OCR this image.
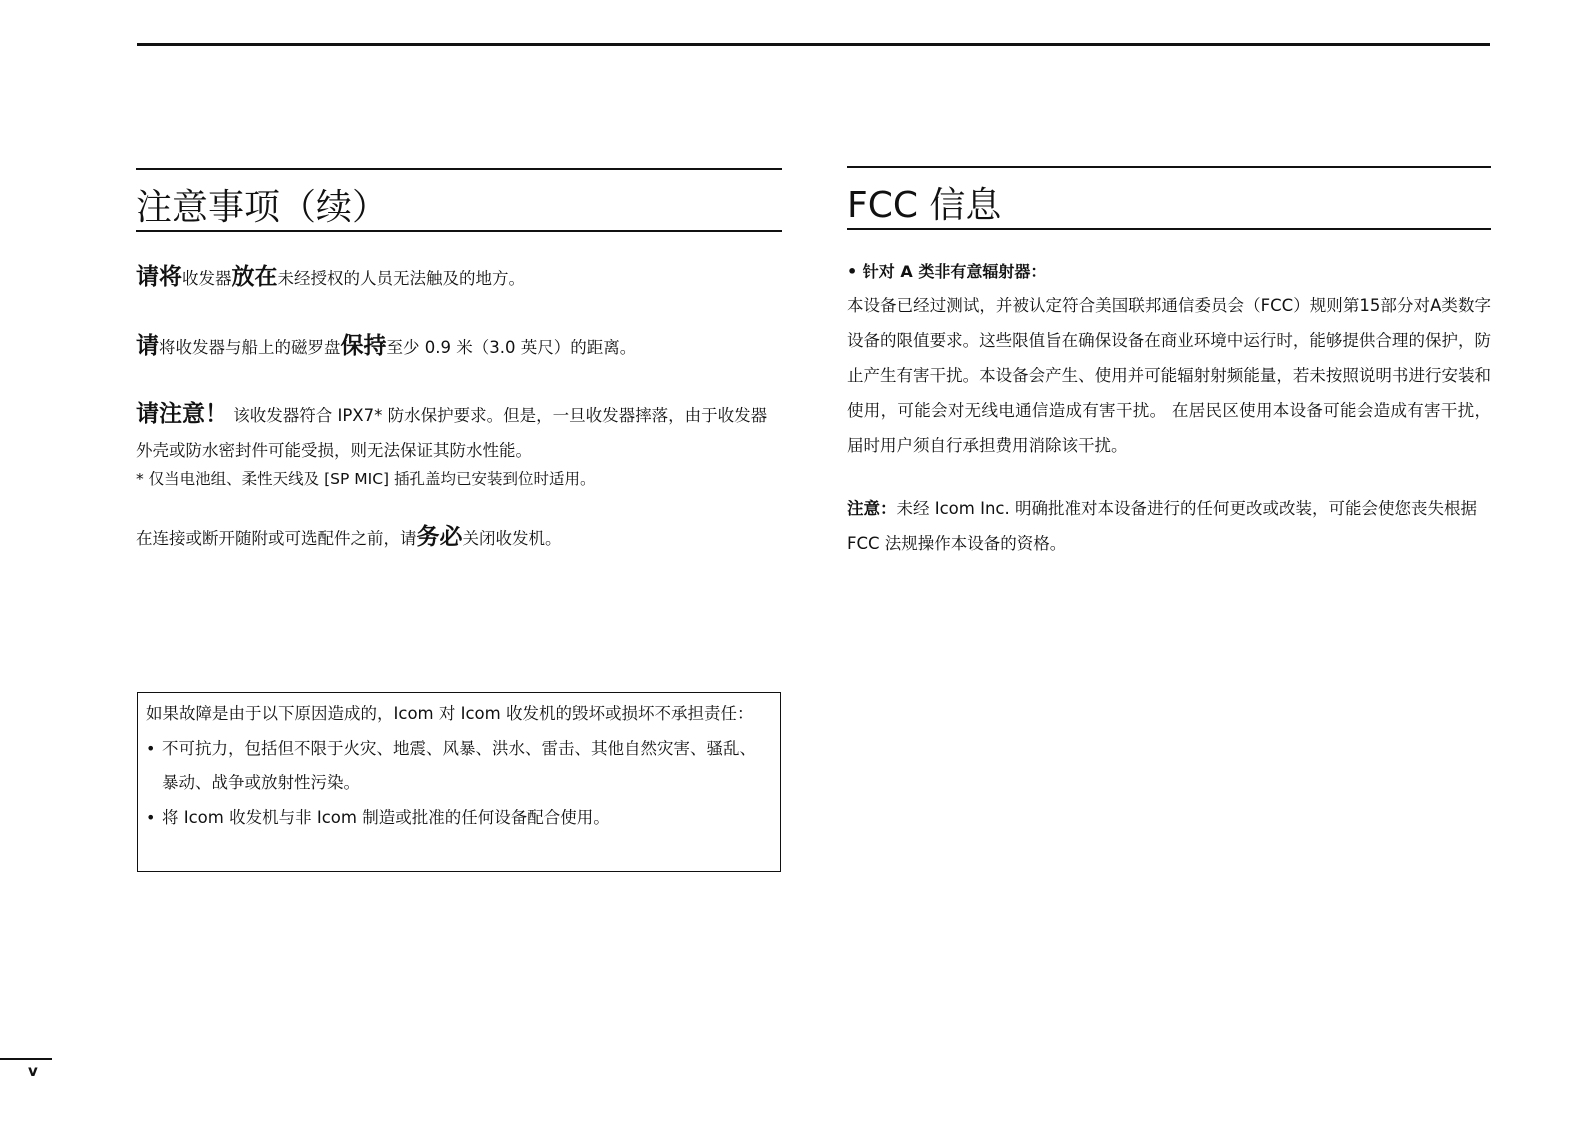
注意事项（续）

请将收发器放在未经授权的人员无法触及的地方。

请将收发器与船上的磁罗盘保持至少 0.9 米（3.0 英尺）的距离。

请注意！ 该收发器符合 IPX7* 防水保护要求。但是，一旦收发器摔落，由于收发器外壳或防水密封件可能受损，则无法保证其防水性能。

* 仅当电池组、柔性天线及 [SP MIC] 插孔盖均已安装到位时适用。

在连接或断开随附或可选配件之前，请务必关闭收发机。

如果故障是由于以下原因造成的，Icom 对 Icom 收发机的毁坏或损坏不承担责任：

• 不可抗力，包括但不限于火灾、地震、风暴、洪水、雷击、其他自然灾害、骚乱、暴动、战争或放射性污染。
• 将 Icom 收发机与非 Icom 制造或批准的任何设备配合使用。
FCC 信息

• 针对 A 类非有意辐射器：

本设备已经过测试，并被认定符合美国联邦通信委员会（FCC）规则第15部分对A类数字设备的限值要求。这些限值旨在确保设备在商业环境中运行时，能够提供合理的保护，防止产生有害干扰。本设备会产生、使用并可能辐射射频能量，若未按照说明书进行安装和使用，可能会对无线电通信造成有害干扰。 在居民区使用本设备可能会造成有害干扰，届时用户须自行承担费用消除该干扰。

注意：未经 Icom Inc. 明确批准对本设备进行的任何更改或改装，可能会使您丧失根据 FCC 法规操作本设备的资格。

v
